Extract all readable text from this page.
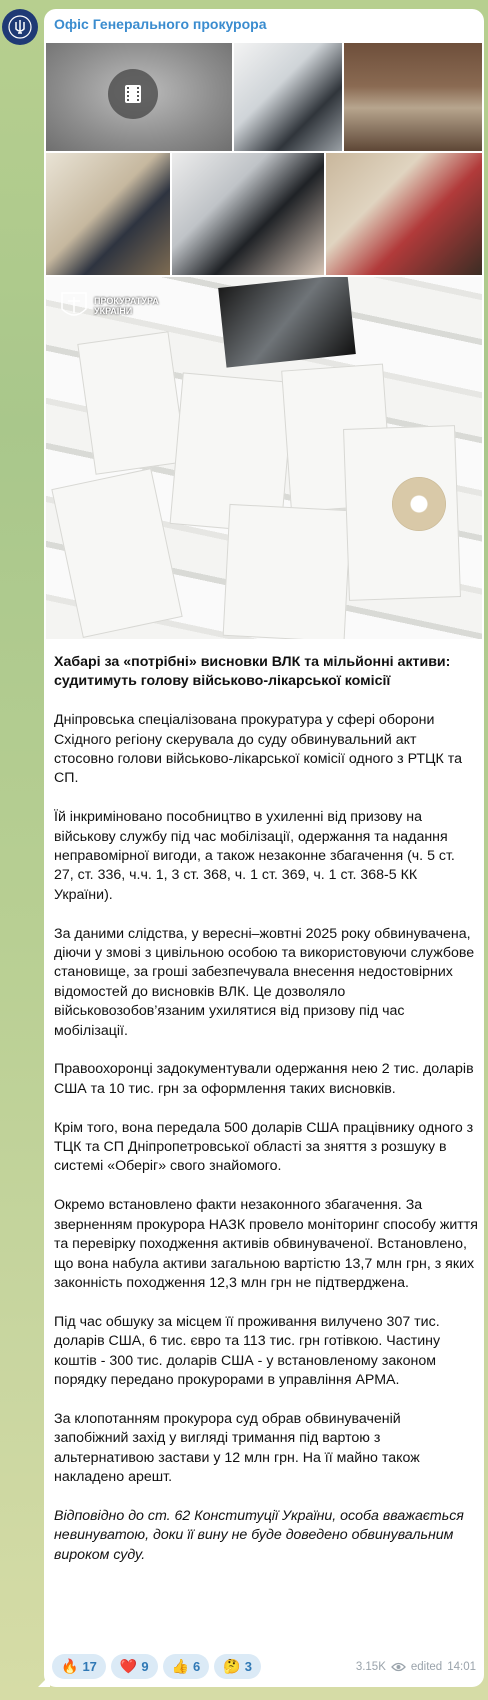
Офіс Генерального прокурора
ПРОКУРАТУРА
УКРАЇНИ

Хабарі за «потрібні» висновки ВЛК та мільйонні активи: судитимуть голову військово-лікарської комісії

Дніпровська спеціалізована прокуратура у сфері оборони Східного регіону скерувала до суду обвинувальний акт стосовно голови військово-лікарської комісії одного з РТЦК та СП.

Їй інкриміновано пособництво в ухиленні від призову на військову службу під час мобілізації, одержання та надання неправомірної вигоди, а також незаконне збагачення (ч. 5 ст. 27, ст. 336, ч.ч. 1, 3 ст. 368, ч. 1 ст. 369, ч. 1 ст. 368-5 КК України).

За даними слідства, у вересні–жовтні 2025 року обвинувачена, діючи у змові з цивільною особою та використовуючи службове становище, за гроші забезпечувала внесення недостовірних відомостей до висновків ВЛК. Це дозволяло військовозобов’язаним ухилятися від призову під час мобілізації.

Правоохоронці задокументували одержання нею 2 тис. доларів США та 10 тис. грн за оформлення таких висновків.

Крім того, вона передала 500 доларів США працівнику одного з ТЦК та СП Дніпропетровської області за зняття з розшуку в системі «Оберіг» свого знайомого.

Окремо встановлено факти незаконного збагачення. За зверненням прокурора НАЗК провело моніторинг способу життя та перевірку походження активів обвинуваченої. Встановлено, що вона набула активи загальною вартістю 13,7 млн грн, з яких законність походження 12,3 млн грн не підтверджена.

Під час обшуку за місцем її проживання вилучено 307 тис. доларів США, 6 тис. євро та 113 тис. грн готівкою. Частину коштів - 300 тис. доларів США - у встановленому законом порядку передано прокурорами в управління АРМА.

За клопотанням прокурора суд обрав обвинуваченій запобіжний захід у вигляді тримання під вартою з альтернативою застави у 12 млн грн. На її майно також накладено арешт.

Відповідно до ст. 62 Конституції України, особа вважається невинуватою, доки її вину не буде доведено обвинувальним вироком суду.

🔥 17 ❤️ 9 👍 6 🤔 3	3.15K edited 14:01
